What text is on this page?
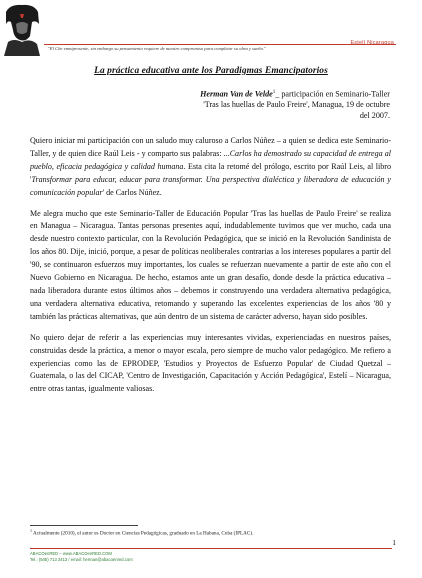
Estelí Nicaragua
"El Che emniprosente, sin embargo su pensamiento requiere de nuestro compromiso para completar su obra y sueño."
La práctica educativa ante los Paradigmas Emancipatorios
Herman Van de Velde$^1$_ participación en Seminario-Taller
'Tras las huellas de Paulo Freire', Managua, 19 de octubre
del 2007.

Quiero iniciar mi participación con un saludo muy caluroso a Carlos Núñez – a quien se dedica este Seminario-Taller, y de quien dice Raúl Leis - y comparto sus palabras: ...Carlos ha demostrado su capacidad de entrega al pueblo, eficacia pedagógica y calidad humana. Esta cita la retomé del prólogo, escrito por Raúl Leis, al libro 'Transformar para educar, educar para transformar. Una perspectiva dialéctica y liberadora de educación y comunicación popular' de Carlos Núñez.

Me alegra mucho que este Seminario-Taller de Educación Popular 'Tras las huellas de Paulo Freire' se realiza en Managua – Nicaragua. Tantas personas presentes aquí, indudablemente tuvimos que ver mucho, cada una desde nuestro contexto particular, con la Revolución Pedagógica, que se inició en la Revolución Sandinista de los años 80. Dije, inició, porque, a pesar de políticas neoliberales contrarias a los intereses populares a partir del '90, se continuaron esfuerzos muy importantes, los cuales se refuerzan nuevamente a partir de este año con el Nuevo Gobierno en Nicaragua. De hecho, estamos ante un gran desafío, donde desde la práctica educativa – nada liberadora durante estos últimos años – debemos ir construyendo una verdadera alternativa pedagógica, una verdadera alternativa educativa, retomando y superando las excelentes experiencias de los años '80 y también las prácticas alternativas, que aún dentro de un sistema de carácter adverso, hayan sido posibles.

No quiero dejar de referir a las experiencias muy interesantes vividas, experienciadas en nuestros países, construidas desde la práctica, a menor o mayor escala, pero siempre de mucho valor pedagógico. Me refiero a experiencias como las de EPRODEP, 'Estudios y Proyectos de Esfuerzo Popular' de Ciudad Quetzal – Guatemala, o las del CICAP, 'Centro de Investigación, Capacitación y Acción Pedagógica', Estelí – Nicaragua, entre otras tantas, igualmente valiosas.

$^1$ Actualmente (2010), el autor es Doctor en Ciencias Pedagógicas, graduado en La Habana, Cuba (IPLAC).
1
ABACOenRED – www.ABACOenRED.COM
Tel.: (505) 713 3413 / email: herman@abacoenred.com
